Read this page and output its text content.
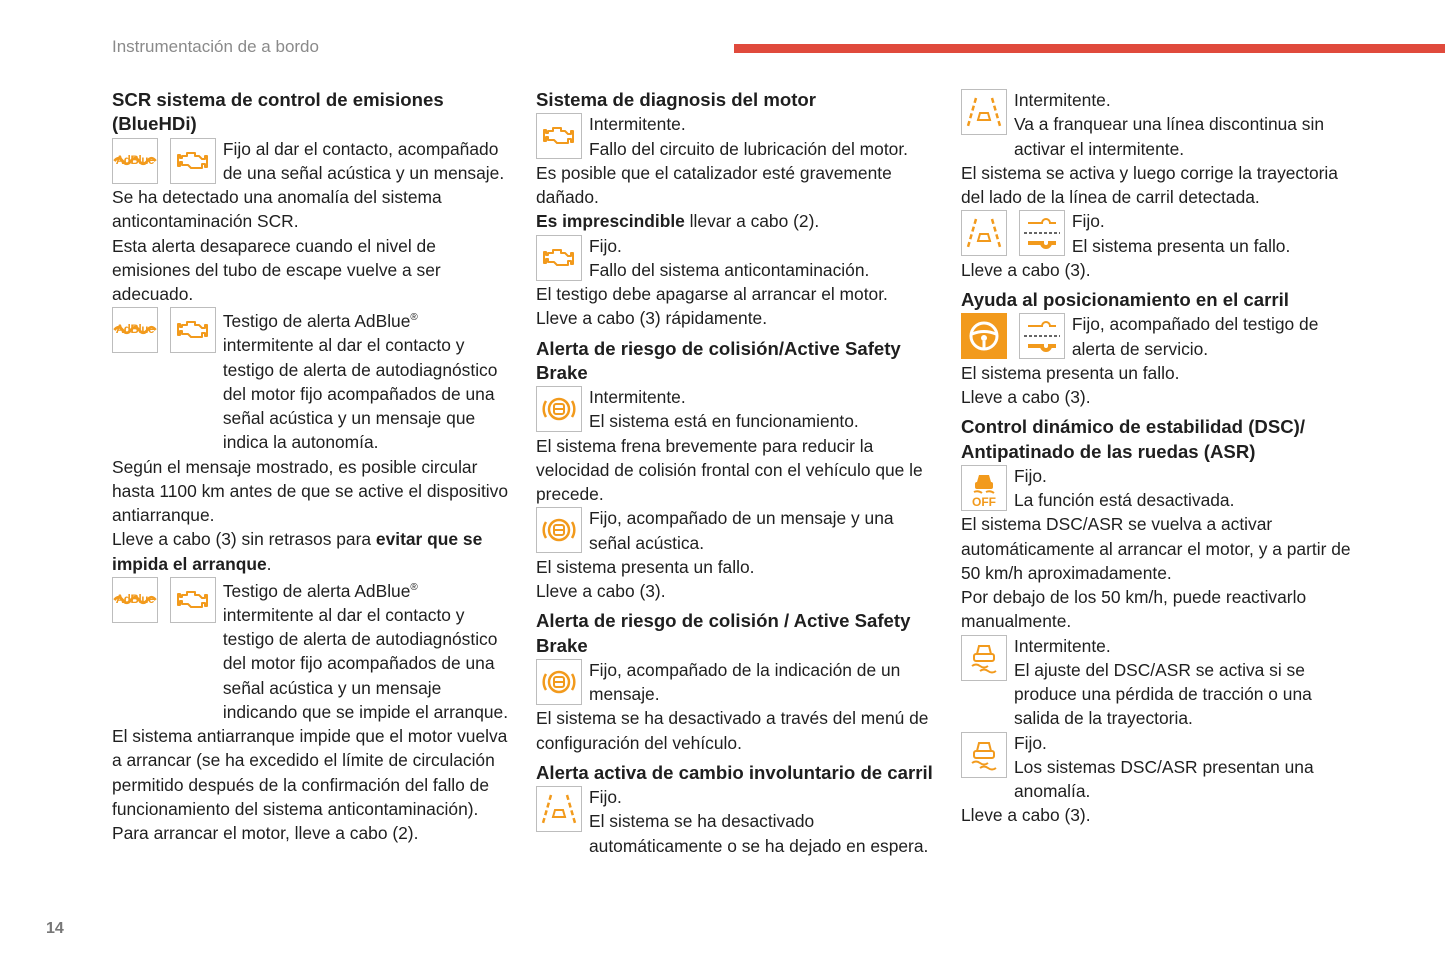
Instrumentación de a bordo
SCR sistema de control de emisiones (BlueHDi)
AdBlue

Fijo al dar el contacto, acompañado de una señal acústica y un mensaje.

Se ha detectado una anomalía del sistema anticontaminación SCR.

Esta alerta desaparece cuando el nivel de emisiones del tubo de escape vuelve a ser adecuado.

AdBlue
	Testigo de alerta AdBlue® intermitente al dar el contacto y testigo de alerta de autodiagnóstico del motor fijo acompañados de una señal acústica y un mensaje que indica la autonomía.

Según el mensaje mostrado, es posible circular hasta 1100 km antes de que se active el dispositivo antiarranque.

Lleve a cabo (3) sin retrasos para evitar que se impida el arranque.

AdBlue
	Testigo de alerta AdBlue® intermitente al dar el contacto y testigo de alerta de autodiagnóstico del motor fijo acompañados de una señal acústica y un mensaje indicando que se impide el arranque.

El sistema antiarranque impide que el motor vuelva a arrancar (se ha excedido el límite de circulación permitido después de la confirmación del fallo de funcionamiento del sistema anticontaminación).

Para arrancar el motor, lleve a cabo (2).

Sistema de diagnosis del motor

Intermitente.

Fallo del circuito de lubricación del motor.

Es posible que el catalizador esté gravemente dañado.

Es imprescindible llevar a cabo (2).

Fijo.

Fallo del sistema anticontaminación.

El testigo debe apagarse al arrancar el motor.

Lleve a cabo (3) rápidamente.

Alerta de riesgo de colisión/Active Safety Brake

Intermitente.

El sistema está en funcionamiento.

El sistema frena brevemente para reducir la velocidad de colisión frontal con el vehículo que le precede.

Fijo, acompañado de un mensaje y una señal acústica.

El sistema presenta un fallo.

Lleve a cabo (3).

Alerta de riesgo de colisión / Active Safety Brake

Fijo, acompañado de la indicación de un mensaje.

El sistema se ha desactivado a través del menú de configuración del vehículo.

Alerta activa de cambio involuntario de carril

Fijo.

El sistema se ha desactivado automáticamente o se ha dejado en espera.

Intermitente.

Va a franquear una línea discontinua sin activar el intermitente.

El sistema se activa y luego corrige la trayectoria del lado de la línea de carril detectada.

Fijo.

El sistema presenta un fallo.

Lleve a cabo (3).

Ayuda al posicionamiento en el carril

Fijo, acompañado del testigo de alerta de servicio.

El sistema presenta un fallo.

Lleve a cabo (3).

Control dinámico de estabilidad (DSC)/ Antipatinado de las ruedas (ASR)
OFF

Fijo.

La función está desactivada.

El sistema DSC/ASR se vuelva a activar automáticamente al arrancar el motor, y a partir de 50 km/h aproximadamente.

Por debajo de los 50 km/h, puede reactivarlo manualmente.

Intermitente.

El ajuste del DSC/ASR se activa si se produce una pérdida de tracción o una salida de la trayectoria.

Fijo.

Los sistemas DSC/ASR presentan una anomalía.

Lleve a cabo (3).

14
